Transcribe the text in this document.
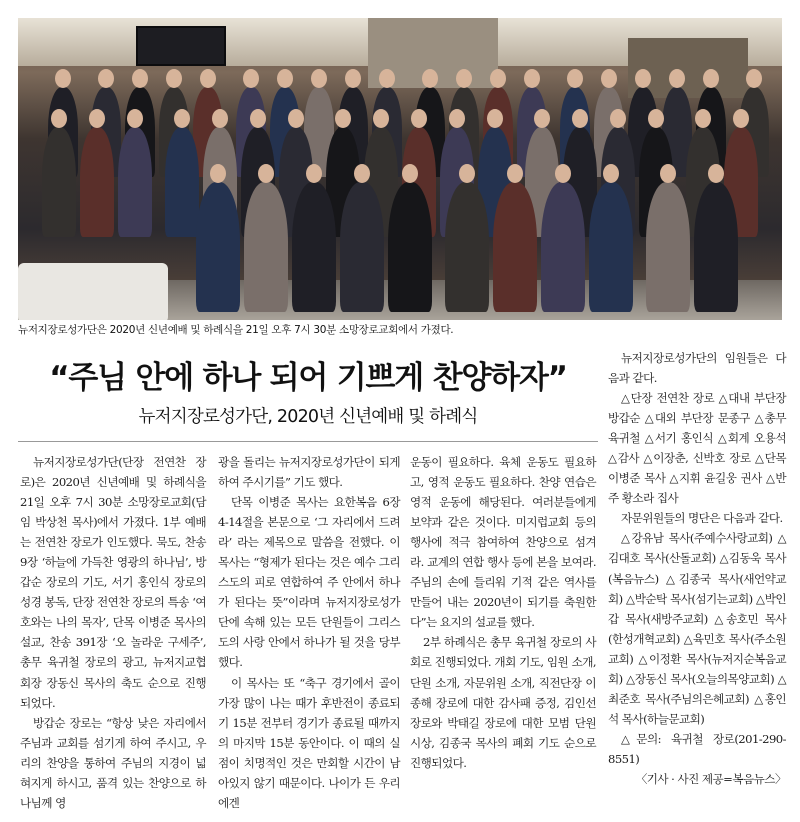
뉴저지장로성가단은 2020년 신년예배 및 하례식을 21일 오후 7시 30분 소망장로교회에서 가졌다.
“주님 안에 하나 되어 기쁘게 찬양하자”
뉴저지장로성가단, 2020년 신년예배 및 하례식

뉴저지장로성가단(단장 전연찬 장로)은 2020년 신년예배 및 하례식을 21일 오후 7시 30분 소망장로교회(담임 박상천 목사)에서 가졌다. 1부 예배는 전연찬 장로가 인도했다. 묵도, 찬송 9장 ‘하늘에 가득찬 영광의 하나님’, 방갑순 장로의 기도, 서기 홍인식 장로의 성경 봉독, 단장 전연찬 장로의 특송 ‘여호와는 나의 목자’, 단목 이병준 목사의 설교, 찬송 391장 ‘오 놀라운 구세주’, 총무 육귀철 장로의 광고, 뉴저지교협 회장 장동신 목사의 축도 순으로 진행되었다.

방갑순 장로는 “항상 낮은 자리에서 주님과 교회를 섬기게 하여 주시고, 우리의 찬양을 통하여 주님의 지경이 넓혀지게 하시고, 품격 있는 찬양으로 하나님께 영

광을 돌리는 뉴저지장로성가단이 되게 하여 주시기를” 기도 했다.

단목 이병준 목사는 요한복음 6장 4-14절을 본문으로 ‘그 자리에서 드려라’ 라는 제목으로 말씀을 전했다. 이 목사는 “형제가 된다는 것은 예수 그리스도의 피로 연합하여 주 안에서 하나가 된다는 뜻”이라며 뉴저지장로성가단에 속해 있는 모든 단원들이 그리스도의 사랑 안에서 하나가 될 것을 당부했다.

이 목사는 또 “축구 경기에서 골이 가장 많이 나는 때가 후반전이 종료되기 15분 전부터 경기가 종료될 때까지의 마지막 15분 동안이다. 이 때의 실점이 치명적인 것은 만회할 시간이 남아있지 않기 때문이다. 나이가 든 우리에겐

운동이 필요하다. 육체 운동도 필요하고, 영적 운동도 필요하다. 찬양 연습은 영적 운동에 해당된다. 여러분들에게 보약과 같은 것이다. 미지럽교회 등의 행사에 적극 참여하여 찬양으로 섬겨라. 교계의 연합 행사 등에 본을 보여라. 주님의 손에 들리워 기적 같은 역사를 만들어 내는 2020년이 되기를 축원한다”는 요지의 설교를 했다.

2부 하례식은 총무 육귀철 장로의 사회로 진행되었다. 개회 기도, 임원 소개, 단원 소개, 자문위원 소개, 직전단장 이종해 장로에 대한 감사패 증정, 김인선 장로와 박태길 장로에 대한 모범 단원 시상, 김종국 목사의 폐회 기도 순으로 진행되었다.

뉴저지장로성가단의 임원들은 다음과 같다.

△단장 전연찬 장로 △대내 부단장 방갑순 △대외 부단장 문종구 △총무 육귀철 △서기 홍인식 △회계 오용석 △감사 △이장춘, 신박호 장로 △단목 이병준 목사 △지휘 윤길웅 권사 △반주 황소라 집사

자문위원들의 명단은 다음과 같다.

△강유남 목사(주예수사랑교회) △김대호 목사(산돌교회) △김동욱 목사(복음뉴스) △김종국 목사(새언약교회) △박순탁 목사(섬기는교회) △박인갑 목사(새방주교회) △송호민 목사(한성개혁교회) △육민호 목사(주소원교회) △이정환 목사(뉴저지순복음교회) △장동신 목사(오늘의목양교회) △최준호 목사(주님의은혜교회) △홍인석 목사(하늘문교회)

△문의: 육귀철 장로(201-290-8551)

〈기사 · 사진 제공=복음뉴스〉
